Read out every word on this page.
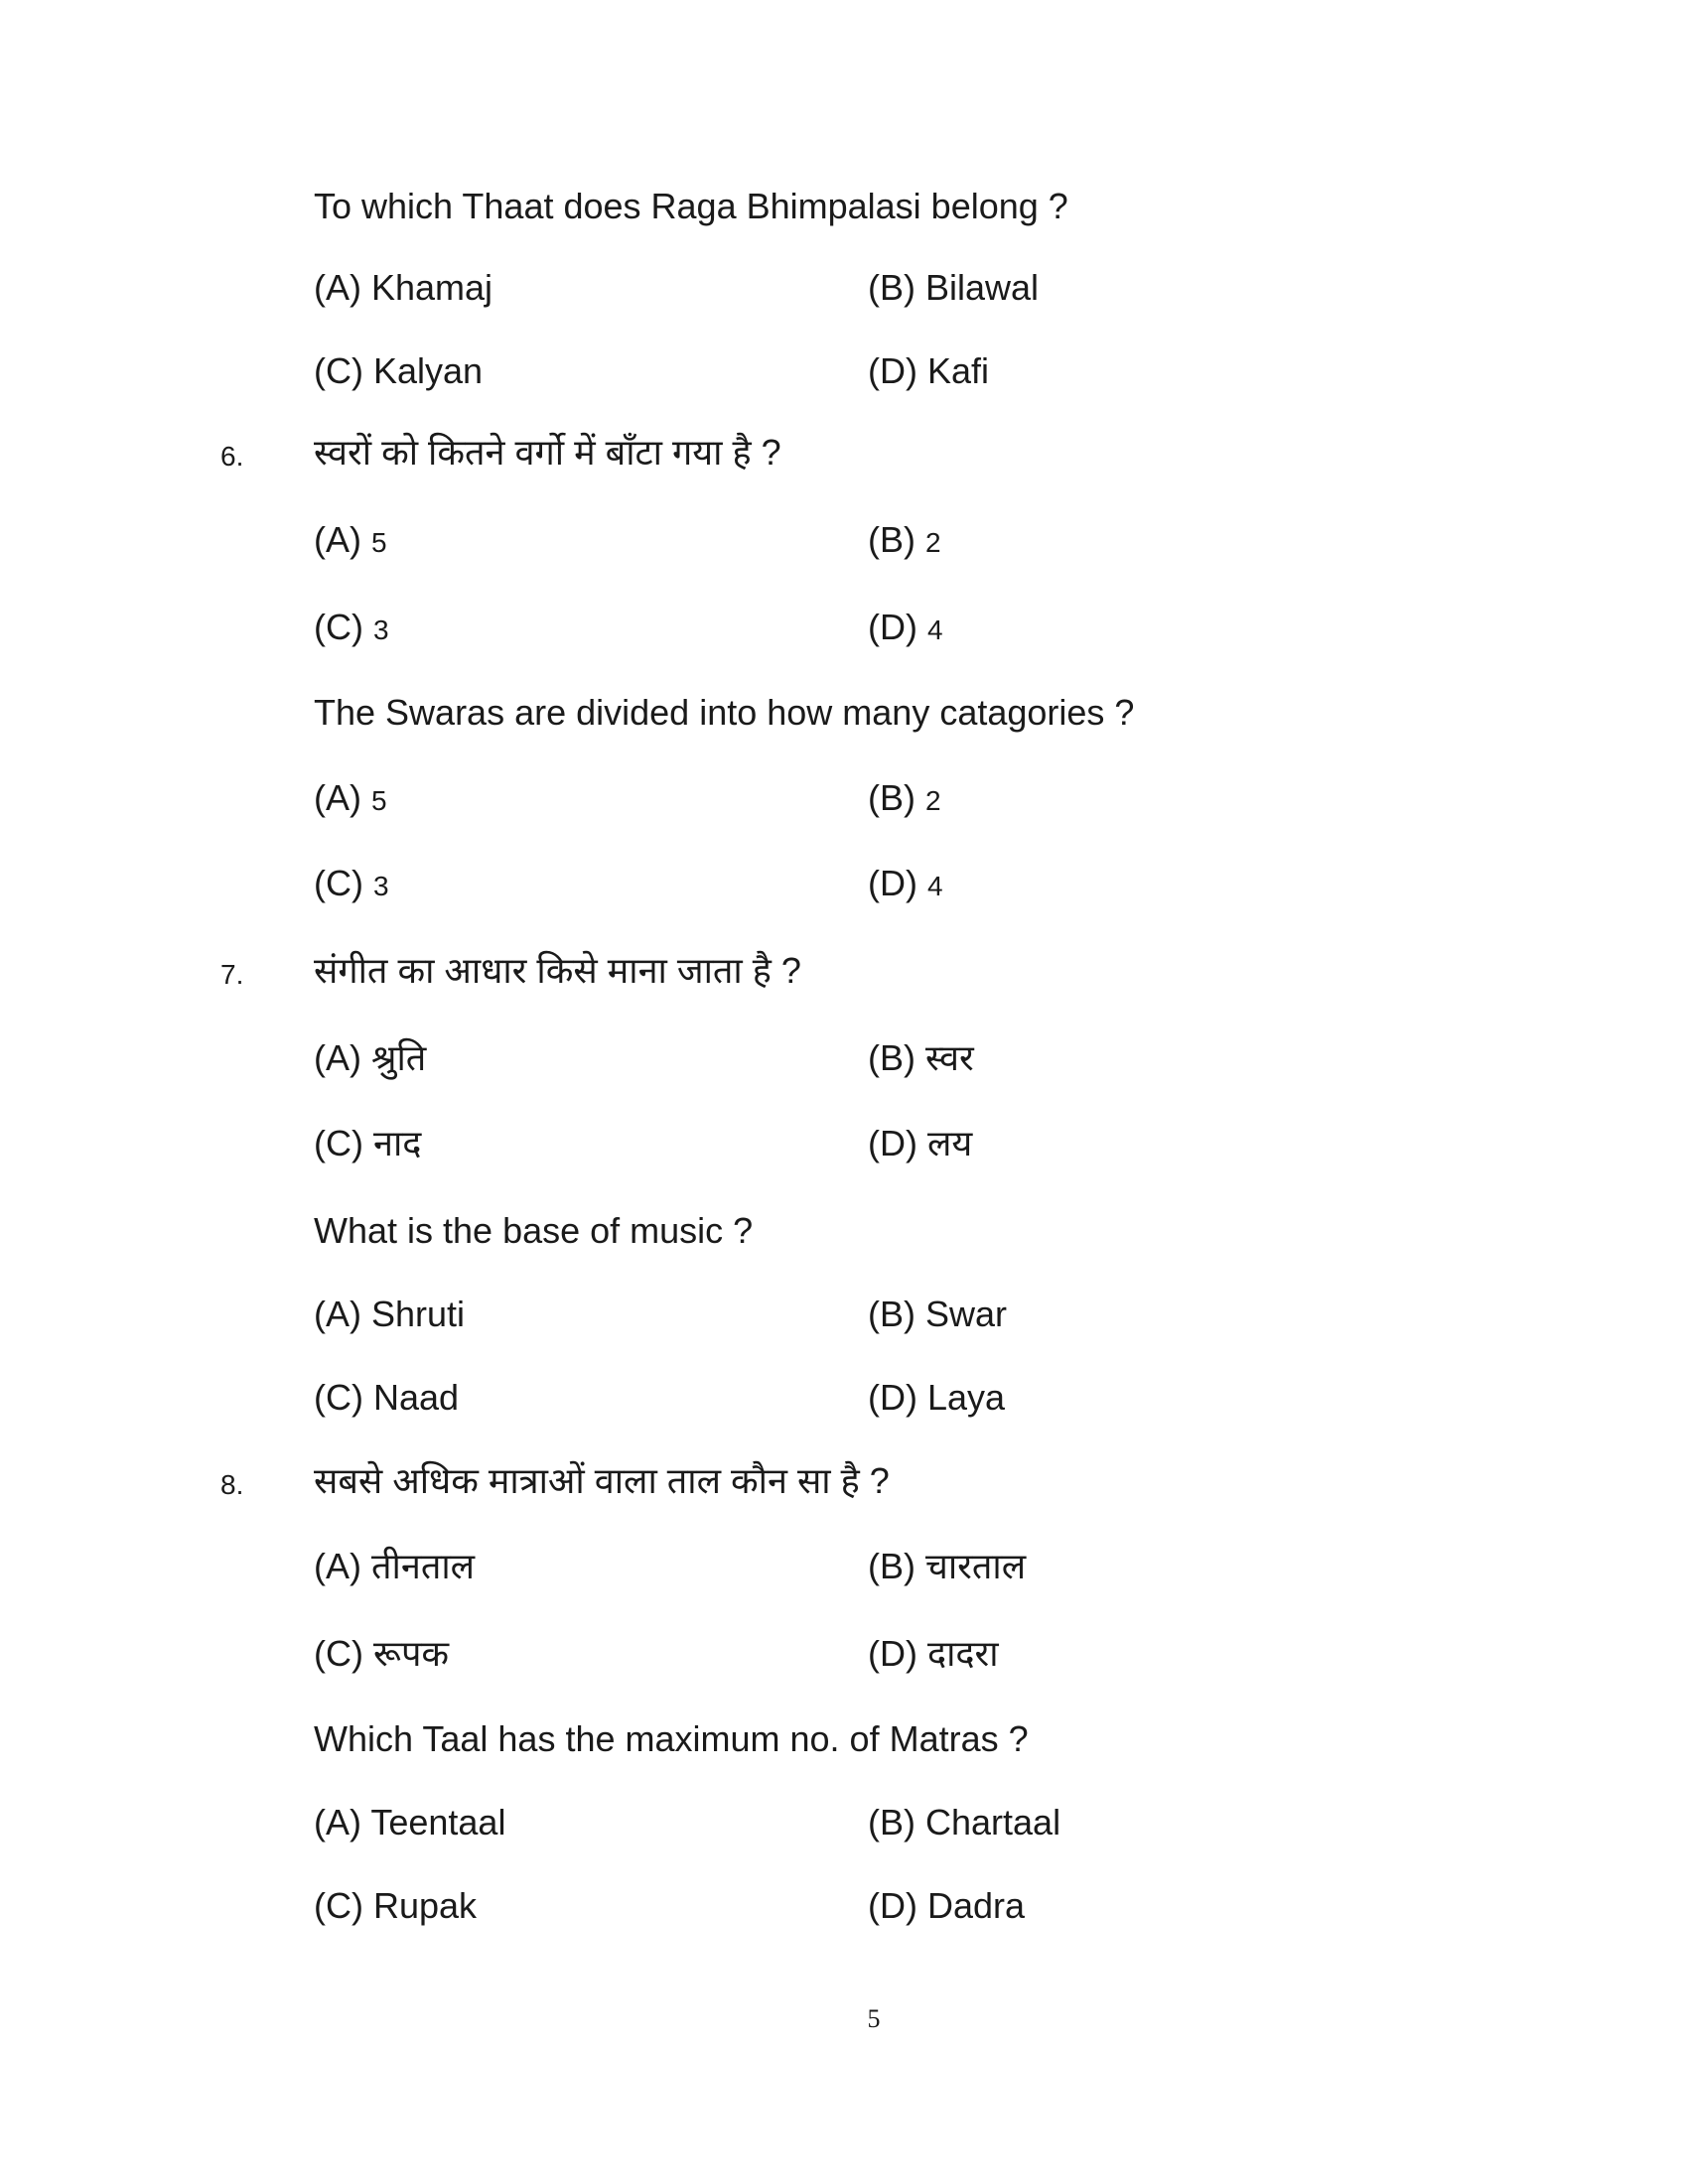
To which Thaat does Raga Bhimpalasi belong ?
(A) Khamaj	(B) Bilawal
(C) Kalyan	(D) Kafi
6. स्वरों को कितने वर्गो में बाँटा गया है ?
(A) 5	(B) 2
(C) 3	(D) 4
The Swaras are divided into how many catagories ?
(A) 5	(B) 2
(C) 3	(D) 4
7. संगीत का आधार किसे माना जाता है ?
(A) श्रुति	(B) स्वर
(C) नाद	(D) लय
What is the base of music ?
(A) Shruti	(B) Swar
(C) Naad	(D) Laya
8. सबसे अधिक मात्राओं वाला ताल कौन सा है ?
(A) तीनताल	(B) चारताल
(C) रूपक	(D) दादरा
Which Taal has the maximum no. of Matras ?
(A) Teentaal	(B) Chartaal
(C) Rupak	(D) Dadra
5
